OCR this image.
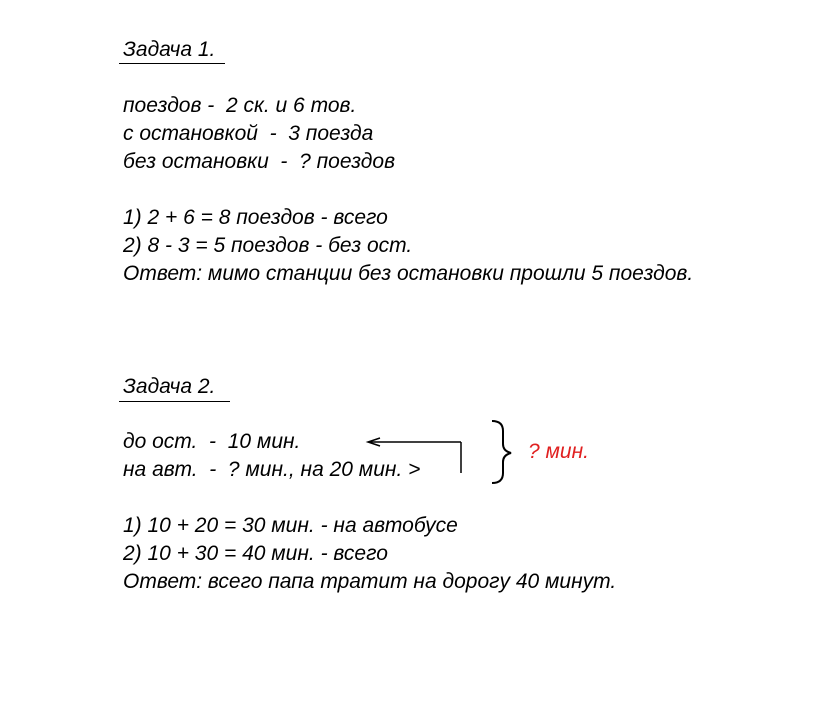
Задача 1.
поездов -  2 ск. и 6 тов.
с остановкой  -  3 поезда
без остановки  -  ? поездов
1) 2 + 6 = 8 поездов - всего
2) 8 - 3 = 5 поездов - без ост.
Ответ: мимо станции без остановки прошли 5 поездов.
Задача 2.
до ост.  -  10 мин.
на авт.  -  ? мин., на 20 мин. >
? мин.
1) 10 + 20 = 30 мин. - на автобусе
2) 10 + 30 = 40 мин. - всего
Ответ: всего папа тратит на дорогу 40 минут.
